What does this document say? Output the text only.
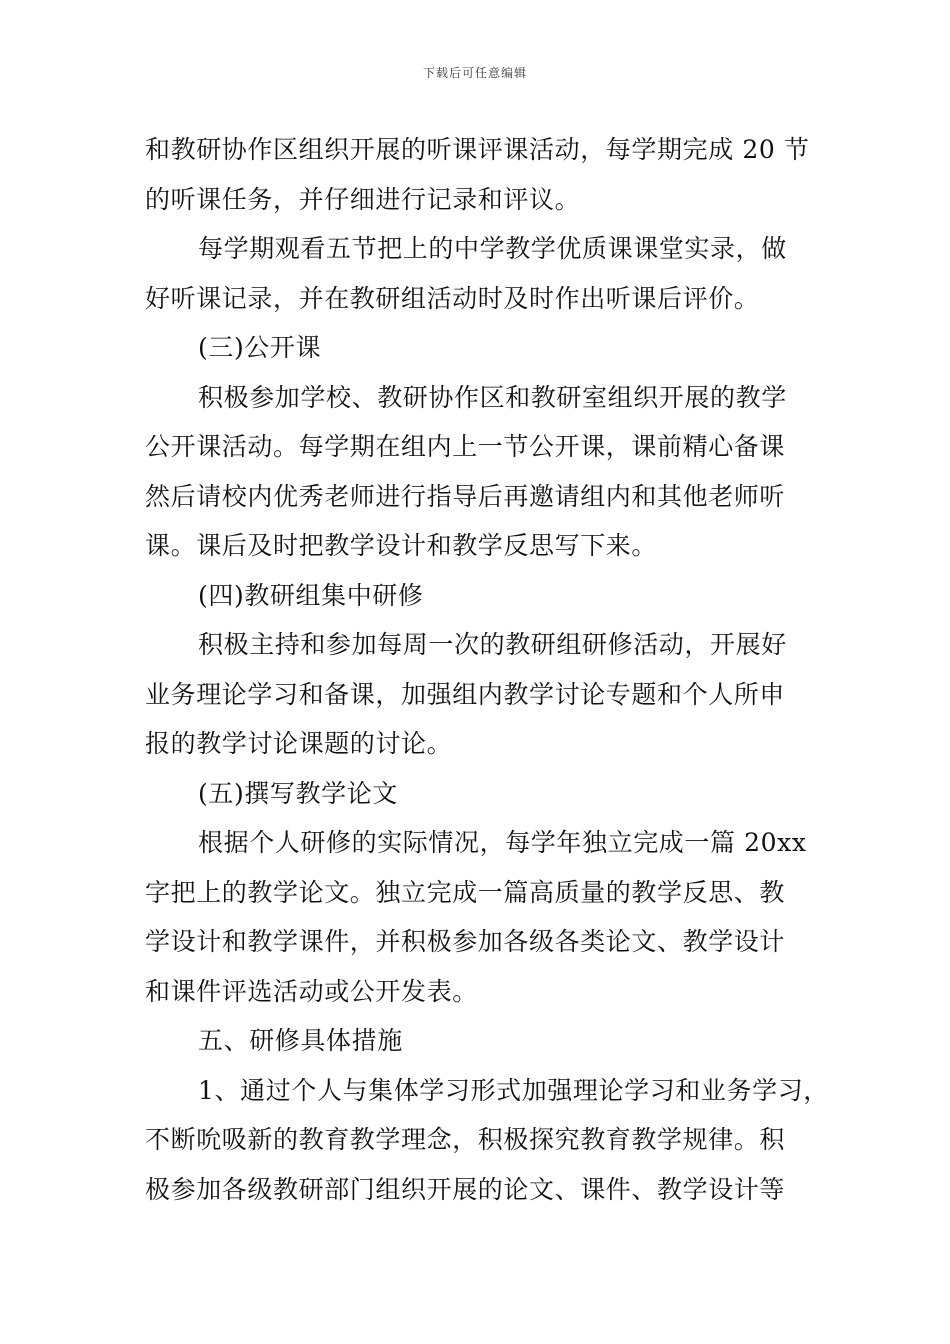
下载后可任意编辑
和教研协作区组织开展的听课评课活动，每学期完成 20 节
的听课任务，并仔细进行记录和评议。
每学期观看五节把上的中学教学优质课课堂实录，做
好听课记录，并在教研组活动时及时作出听课后评价。
(三)公开课
积极参加学校、教研协作区和教研室组织开展的教学
公开课活动。每学期在组内上一节公开课，课前精心备课
然后请校内优秀老师进行指导后再邀请组内和其他老师听
课。课后及时把教学设计和教学反思写下来。
(四)教研组集中研修
积极主持和参加每周一次的教研组研修活动，开展好
业务理论学习和备课，加强组内教学讨论专题和个人所申
报的教学讨论课题的讨论。
(五)撰写教学论文
根据个人研修的实际情况，每学年独立完成一篇 20xx
字把上的教学论文。独立完成一篇高质量的教学反思、教
学设计和教学课件，并积极参加各级各类论文、教学设计
和课件评选活动或公开发表。
五、研修具体措施
1、通过个人与集体学习形式加强理论学习和业务学习，
不断吮吸新的教育教学理念，积极探究教育教学规律。积
极参加各级教研部门组织开展的论文、课件、教学设计等
